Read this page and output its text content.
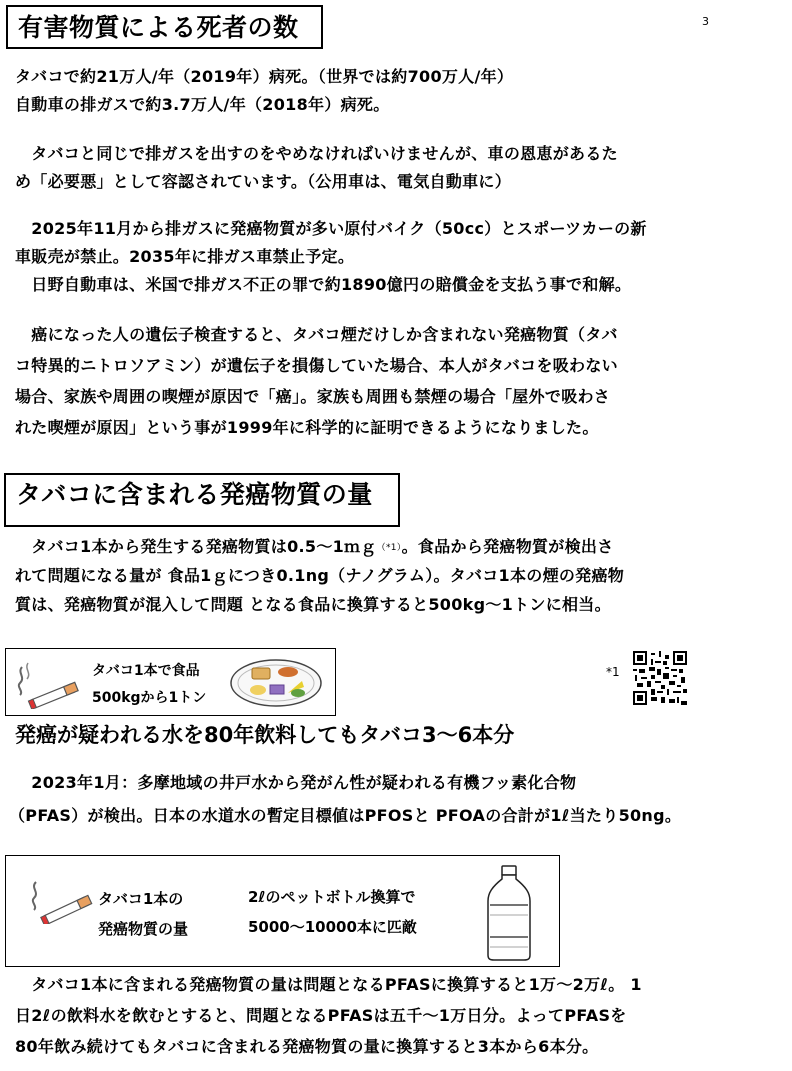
3
有害物質による死者の数
タバコで約21万人/年（2019年）病死。（世界では約700万人/年）
自動車の排ガスで約3.7万人/年（2018年）病死。
　タバコと同じで排ガスを出すのをやめなければいけませんが、車の恩恵があるた
め「必要悪」として容認されています。（公用車は、電気自動車に）
　2025年11月から排ガスに発癌物質が多い原付バイク（50cc）とスポーツカーの新
車販売が禁止。2035年に排ガス車禁止予定。
　日野自動車は、米国で排ガス不正の罪で約1890億円の賠償金を支払う事で和解。
　癌になった人の遺伝子検査すると、タバコ煙だけしか含まれない発癌物質（タバ
コ特異的ニトロソアミン）が遺伝子を損傷していた場合、本人がタバコを吸わない
場合、家族や周囲の喫煙が原因で「癌」。家族も周囲も禁煙の場合「屋外で吸わさ
れた喫煙が原因」という事が1999年に科学的に証明できるようになりました。
タバコに含まれる発癌物質の量
　タバコ1本から発生する発癌物質は0.5～1ｍｇ（*1）。食品から発癌物質が検出さ
れて問題になる量が 食品1ｇにつき0.1ng（ナノグラム）。タバコ1本の煙の発癌物
質は、発癌物質が混入して問題 となる食品に換算すると500kg～1トンに相当。
タバコ1本で食品
500kgから1トン
*1
発癌が疑われる水を80年飲料してもタバコ3～6本分
　2023年1月：多摩地域の井戸水から発がん性が疑われる有機フッ素化合物
（PFAS）が検出。日本の水道水の暫定目標値はPFOSと PFOAの合計が1ℓ当たり50ng。
タバコ1本の
発癌物質の量
2ℓのペットボトル換算で
5000～10000本に匹敵
　タバコ1本に含まれる発癌物質の量は問題となるPFASに換算すると1万～2万ℓ。 1
日2ℓの飲料水を飲むとすると、問題となるPFASは五千～1万日分。よってPFASを
80年飲み続けてもタバコに含まれる発癌物質の量に換算すると3本から6本分。
